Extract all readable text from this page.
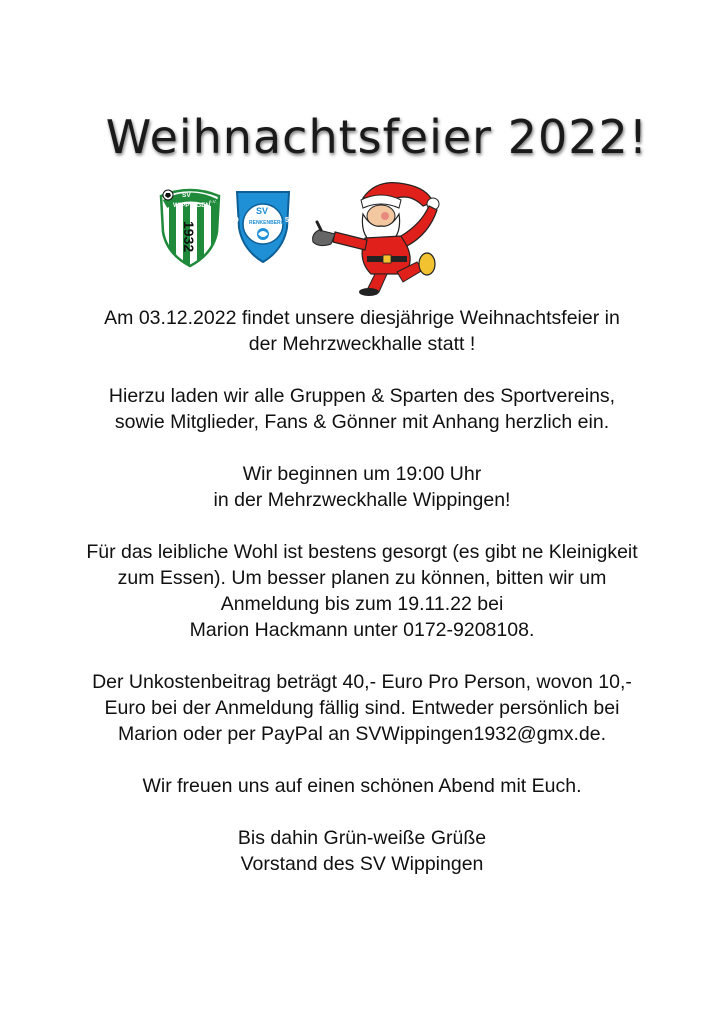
Weihnachtsfeier 2022!
SV
WIPPINGEN
e.V.
1932
SV
RENKENBERGE
19	56

Am 03.12.2022 findet unsere diesjährige Weihnachtsfeier in
der Mehrzweckhalle statt !

Hierzu laden wir alle Gruppen & Sparten des Sportvereins,
sowie Mitglieder, Fans & Gönner mit Anhang herzlich ein.

Wir beginnen um 19:00 Uhr
in der Mehrzweckhalle Wippingen!

Für das leibliche Wohl ist bestens gesorgt (es gibt ne Kleinigkeit
zum Essen). Um besser planen zu können, bitten wir um
Anmeldung bis zum 19.11.22 bei
Marion Hackmann unter 0172-9208108.

Der Unkostenbeitrag beträgt 40,- Euro Pro Person, wovon 10,-
Euro bei der Anmeldung fällig sind. Entweder persönlich bei
Marion oder per PayPal an SVWippingen1932@gmx.de.

Wir freuen uns auf einen schönen Abend mit Euch.

Bis dahin Grün-weiße Grüße
Vorstand des SV Wippingen
